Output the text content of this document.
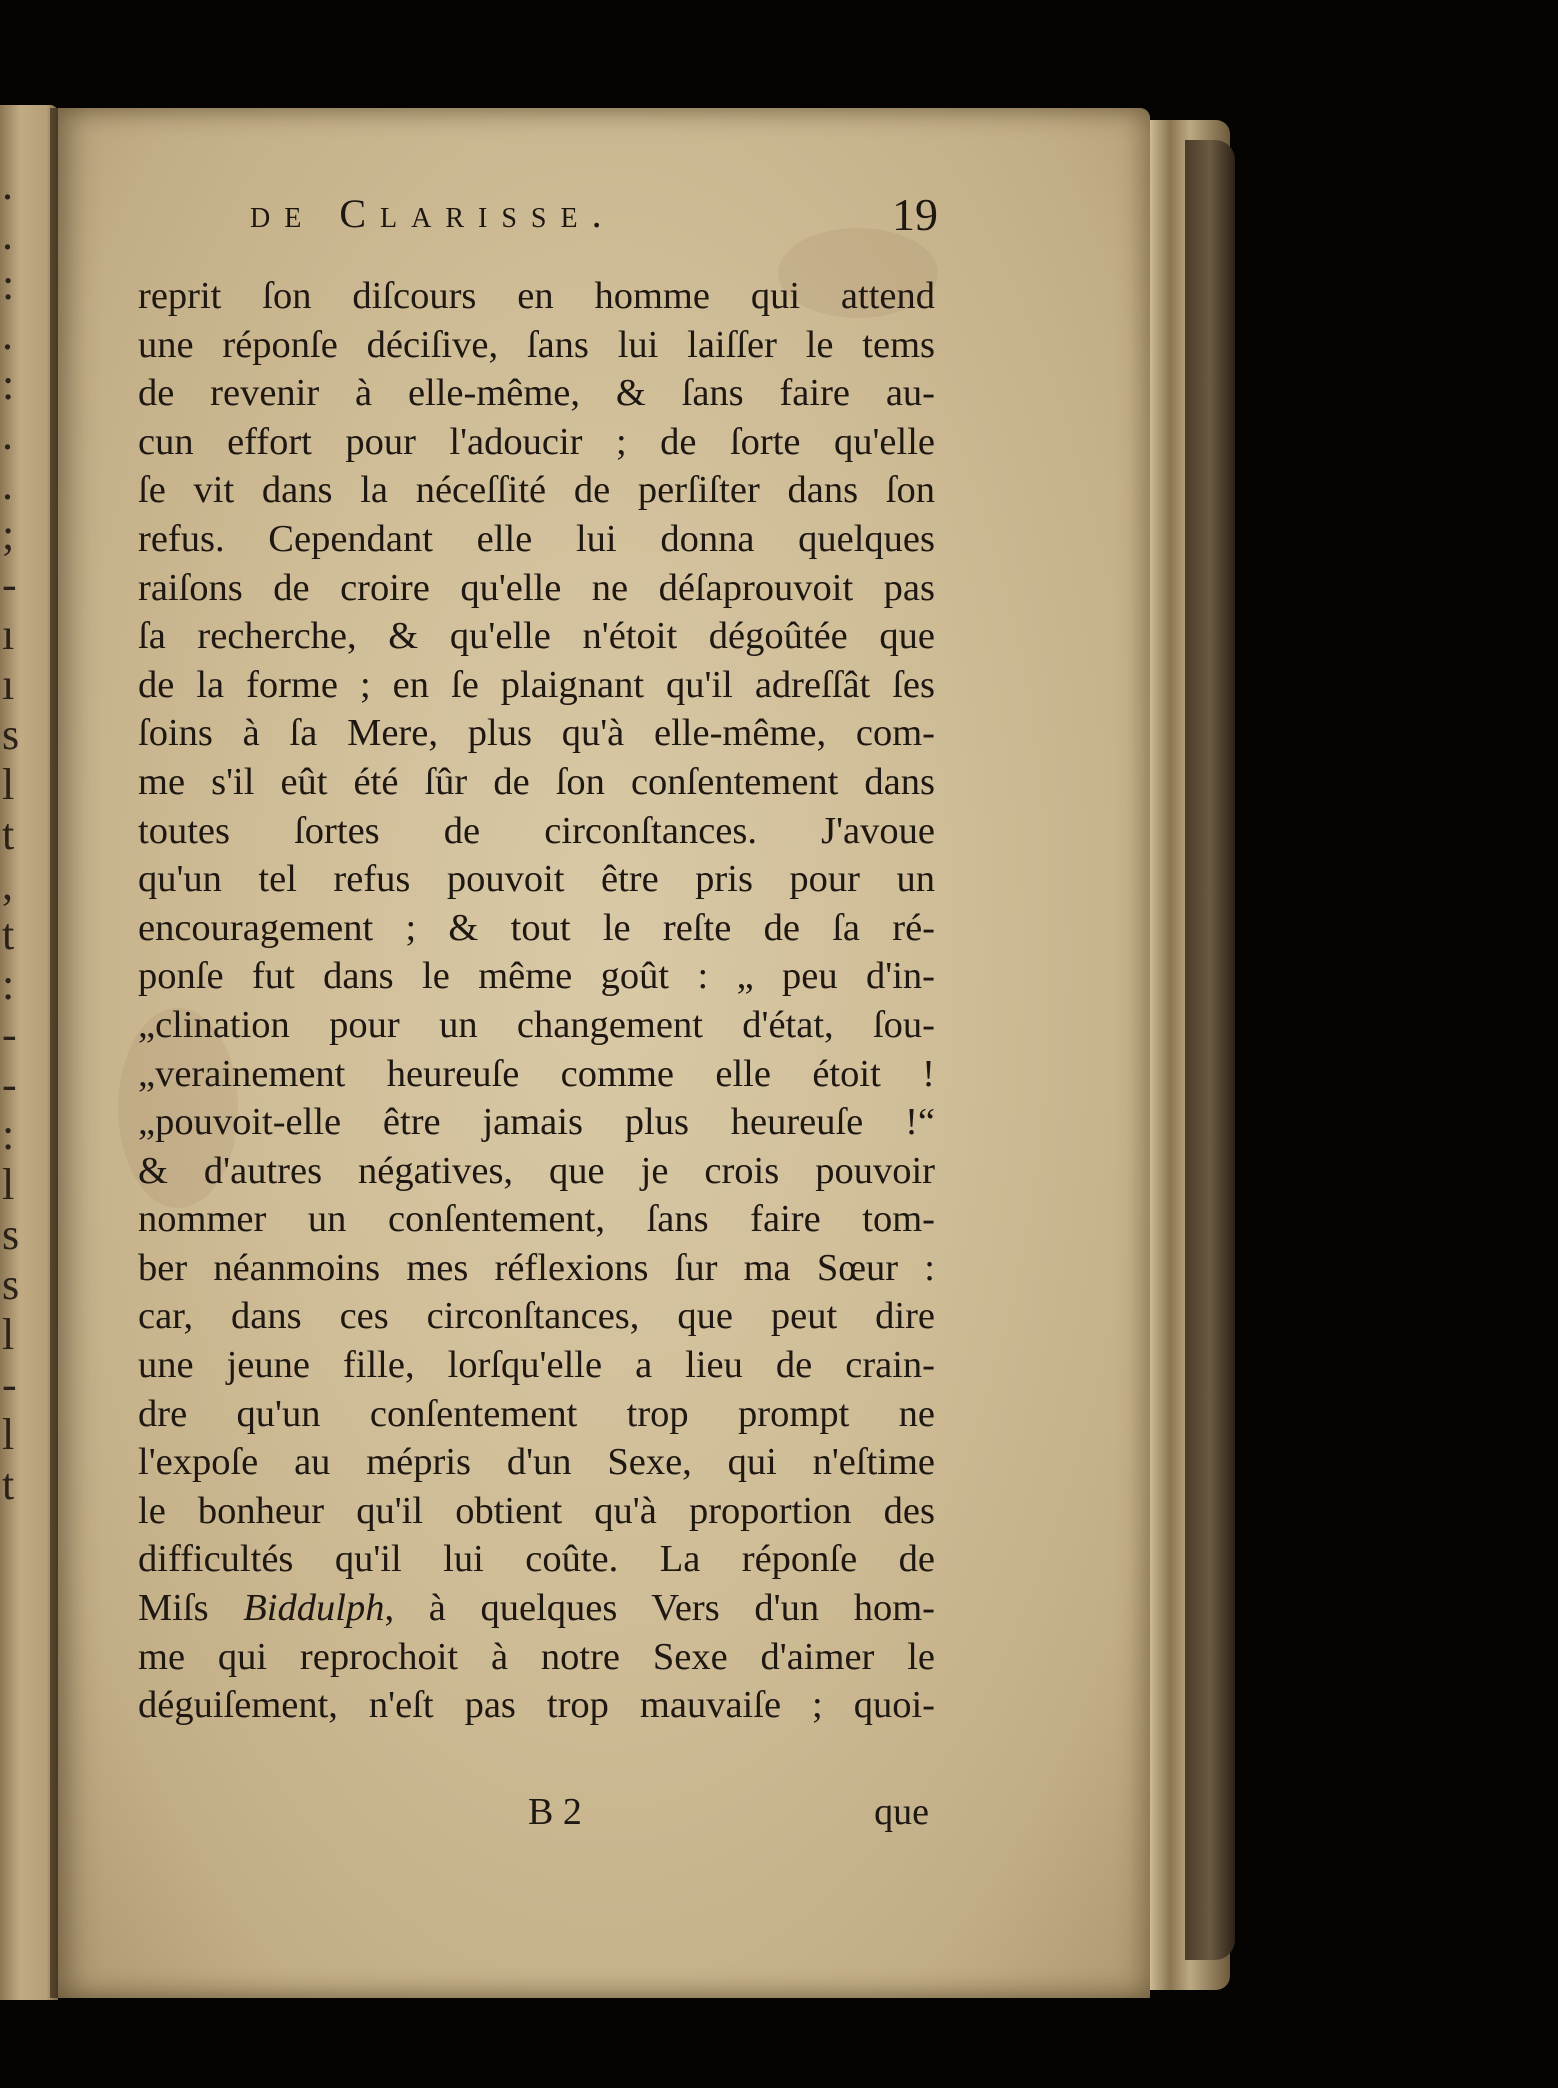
.
.
:
.
:
.
.
;
-
ı
ı
s
l
t
,
t
:
-
-
:
l
s
s
l
-
l
t
de Clarisse.	19
reprit ſon diſcours en homme qui attend
une réponſe déciſive, ſans lui laiſſer le tems
de revenir à elle-même, & ſans faire au-
cun effort pour l'adoucir ; de ſorte qu'elle
ſe vit dans la néceſſité de perſiſter dans ſon
refus. Cependant elle lui donna quelques
raiſons de croire qu'elle ne déſaprouvoit pas
ſa recherche, & qu'elle n'étoit dégoûtée que
de la forme ; en ſe plaignant qu'il adreſſât ſes
ſoins à ſa Mere, plus qu'à elle-même, com-
me s'il eût été ſûr de ſon conſentement dans
toutes ſortes de circonſtances. J'avoue
qu'un tel refus pouvoit être pris pour un
encouragement ; & tout le reſte de ſa ré-
ponſe fut dans le même goût : „ peu d'in-
„clination pour un changement d'état, ſou-
„verainement heureuſe comme elle étoit !
„pouvoit-elle être jamais plus heureuſe !“
& d'autres négatives, que je crois pouvoir
nommer un conſentement, ſans faire tom-
ber néanmoins mes réflexions ſur ma Sœur :
car, dans ces circonſtances, que peut dire
une jeune fille, lorſqu'elle a lieu de crain-
dre qu'un conſentement trop prompt ne
l'expoſe au mépris d'un Sexe, qui n'eſtime
le bonheur qu'il obtient qu'à proportion des
difficultés qu'il lui coûte. La réponſe de
Miſs Biddulph, à quelques Vers d'un hom-
me qui reprochoit à notre Sexe d'aimer le
déguiſement, n'eſt pas trop mauvaiſe ; quoi-
B 2	que
